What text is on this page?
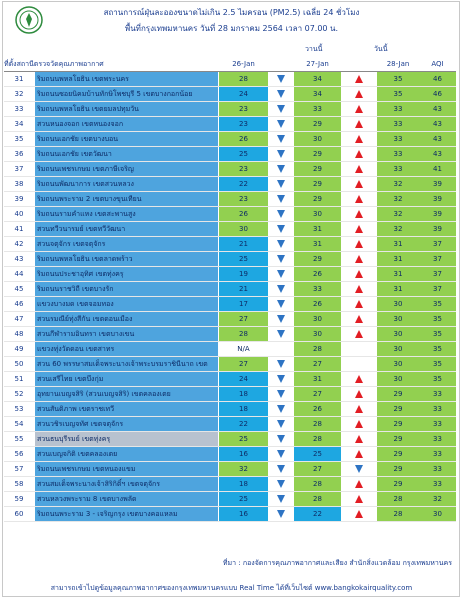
สถานการณ์ฝุ่นละอองขนาดไม่เกิน 2.5 ไมครอน (PM2.5) เฉลี่ย 24 ชั่วโมง
พื้นที่กรุงเทพมหานคร วันที่ 28 มกราคม 2564 เวลา 07.00 น.
วานนี้	วันนี้
ที่ตั้งสถานีตรวจวัดคุณภาพอากาศ	26-Jan	27-Jan	28-Jan	AQI
31	ริมถนนพหลโยธิน เขตพระนคร	28	34	35	46
32	ริมถนนซอยนิคมบ้านทักษิโพชบุรี 5 เขตบางกอกน้อย	24	34	35	46
33	ริมถนนพหลโยธิน เขตยมลปทุมวัน	23	33	33	43
34	สวนหนองจอก เขตหนองจอก	23	29	33	43
35	ริมถนนเอกชัย เขตบางบอน	26	30	33	43
36	ริมถนนเอกชัย เขตวัฒนา	25	29	33	43
37	ริมถนนเพชรเกษม เขตภาษีเจริญ	23	29	33	41
38	ริมถนนพัฒนาการ เขตสวนหลวง	22	29	32	39
39	ริมถนนพระราม 2 เขตบางขุนเทียน	23	29	32	39
40	ริมถนนรามคำแหง เขตสะพานสูง	26	30	32	39
41	สวนทวีวนารมย์ เขตทวีวัฒนา	30	31	32	39
42	สวนจตุจักร เขตจตุจักร	21	31	31	37
43	ริมถนนพหลโยธิน เขตลาดพร้าว	25	29	31	37
44	ริมถนนประชาอุทิศ เขตทุ่งครุ	19	26	31	37
45	ริมถนนราชวิถี เขตบางรัก	21	33	31	37
46	แขวงบางมด เขตจอมทอง	17	26	30	35
47	สวนรมณีย์ทุ่งสีกัน เขตดอนเมือง	27	30	30	35
48	สวนกีฬารามอินทรา เขตบางเขน	28	30	30	35
49	แขวงทุ่งวัดดอน เขตสาทร	N/A	28	30	35
50	สวน 60 พรรษาสมเด็จพระนางเจ้าพระบรมราชินีนาถ เขต	27	27	30	35
51	สวนเสรีไทย เขตบึงกุ่ม	24	31	30	35
52	อุทยานเบญจสิริ (สวนเบญจสิริ) เขตคลองเตย	18	27	29	33
53	สวนสันติภาพ เขตราชเทวี	18	26	29	33
54	สวนวชิรเบญจทัศ เขตจตุจักร	22	28	29	33
55	สวนธนบุรีรมย์ เขตทุ่งครุ	25	28	29	33
56	สวนเบญจกิติ เขตคลองเตย	16	25	29	33
57	ริมถนนเพชรเกษม เขตหนองแขม	32	27	29	33
58	สวนสมเด็จพระนางเจ้าสิริกิติ์ฯ เขตจตุจักร	18	28	29	33
59	สวนหลวงพระราม 8 เขตบางพลัด	25	28	28	32
60	ริมถนนพระราม 3 - เจริญกรุง เขตบางคอแหลม	16	22	28	30
ที่มา : กองจัดการคุณภาพอากาศและเสียง สำนักสิ่งแวดล้อม กรุงเทพมหานคร
สามารถเข้าไปดูข้อมูลคุณภาพอากาศของกรุงเทพมหานครแบบ Real Time ได้ที่เว็บไซต์ www.bangkokairquality.com
